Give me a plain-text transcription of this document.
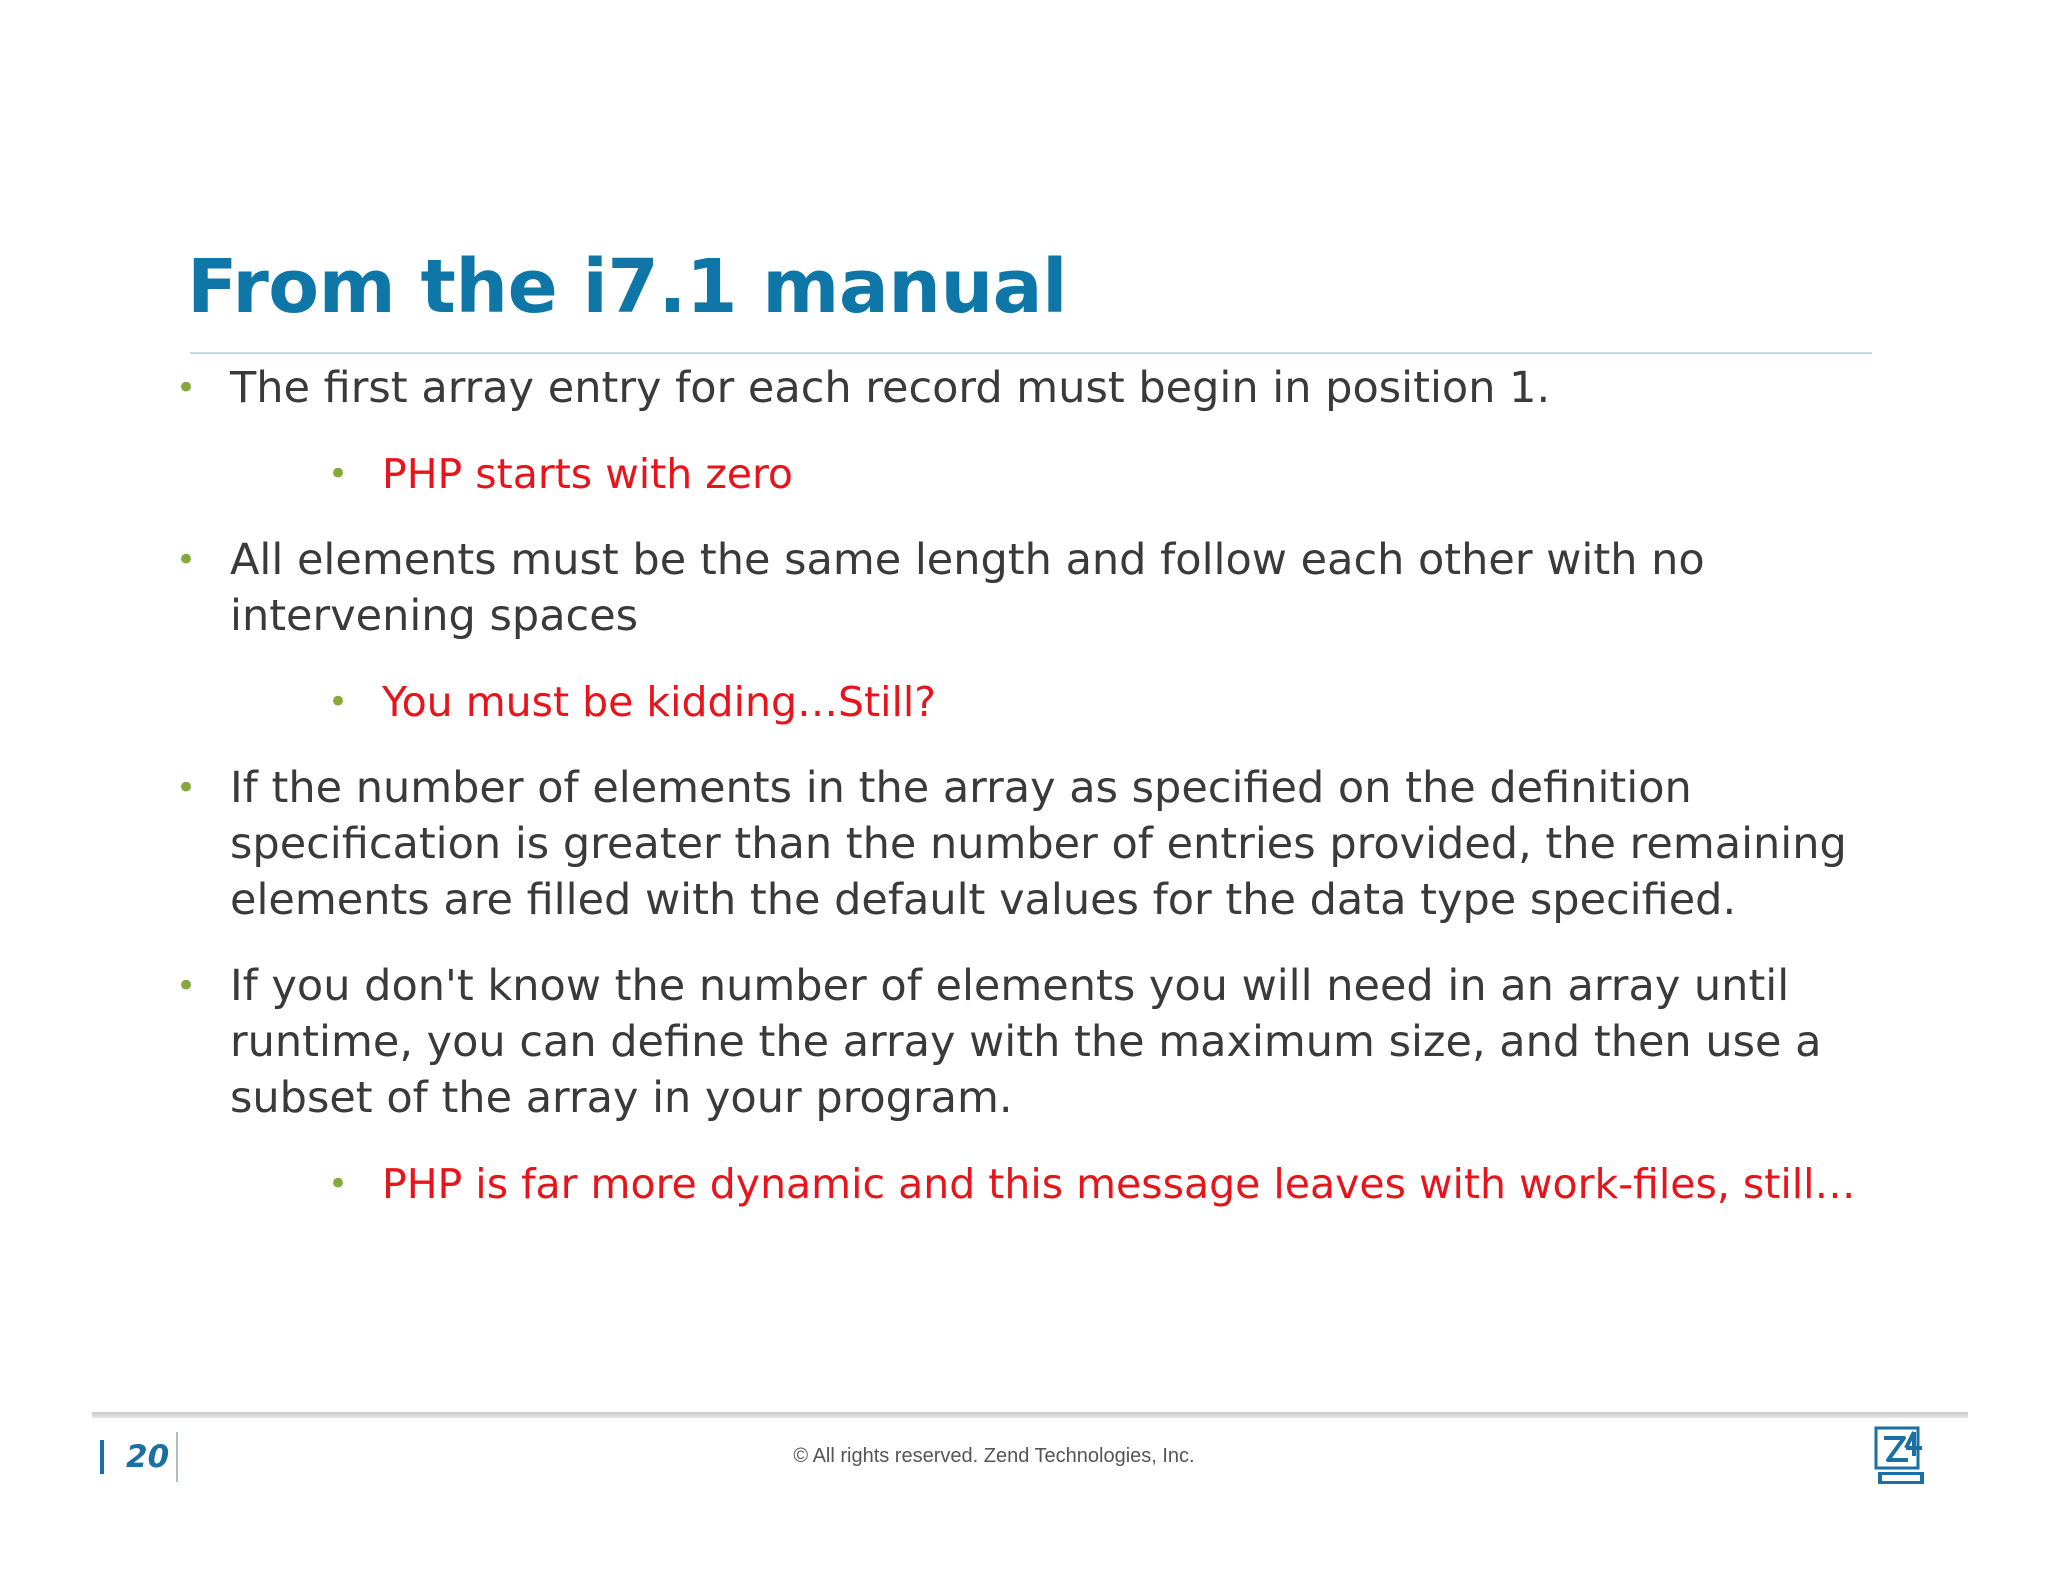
From the i7.1 manual
• The first array entry for each record must begin in position 1.
• PHP starts with zero
• All elements must be the same length and follow each other with no intervening spaces
• You must be kidding…Still?
• If the number of elements in the array as specified on the definition specification is greater than the number of entries provided, the remaining elements are filled with the default values for the data type specified.
• If you don't know the number of elements you will need in an array until runtime, you can define the array with the maximum size, and then use a subset of the array in your program.
• PHP is far more dynamic and this message leaves with work-files, still…
20	© All rights reserved. Zend Technologies, Inc.
